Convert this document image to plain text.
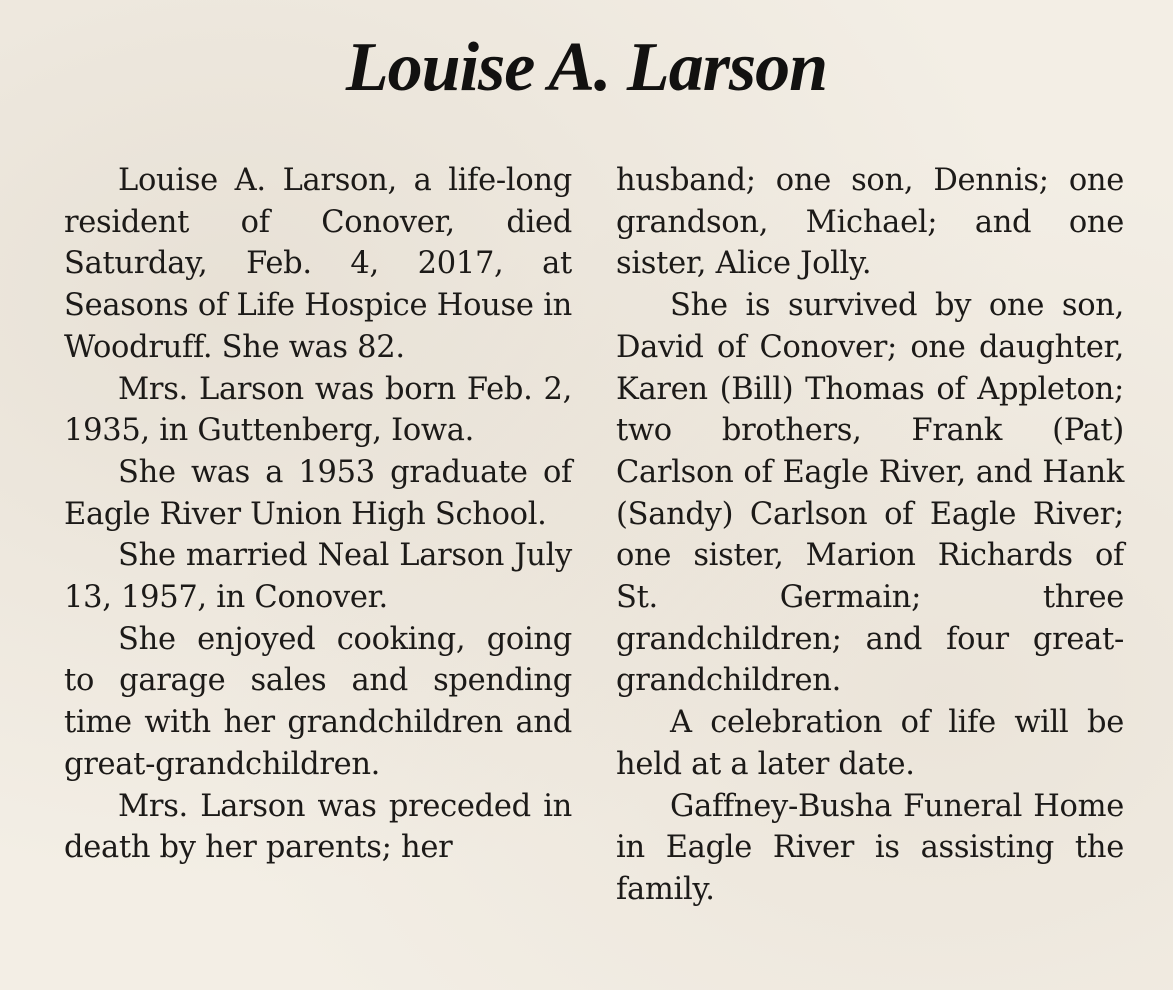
Louise A. Larson

Louise A. Larson, a life-long resident of Conover, died Saturday, Feb. 4, 2017, at Seasons of Life Hospice House in Woodruff. She was 82.

Mrs. Larson was born Feb. 2, 1935, in Guttenberg, Iowa.

She was a 1953 graduate of Eagle River Union High School.

She married Neal Larson July 13, 1957, in Conover.

She enjoyed cooking, going to garage sales and spending time with her grandchildren and great-grandchildren.

Mrs. Larson was preceded in death by her parents; her

husband; one son, Dennis; one grandson, Michael; and one sister, Alice Jolly.

She is survived by one son, David of Conover; one daughter, Karen (Bill) Thomas of Appleton; two brothers, Frank (Pat) Carlson of Eagle River, and Hank (Sandy) Carlson of Eagle River; one sister, Marion Richards of St. Germain; three grandchildren; and four great-grandchildren.

A celebration of life will be held at a later date.

Gaffney-Busha Funeral Home in Eagle River is assisting the family.
